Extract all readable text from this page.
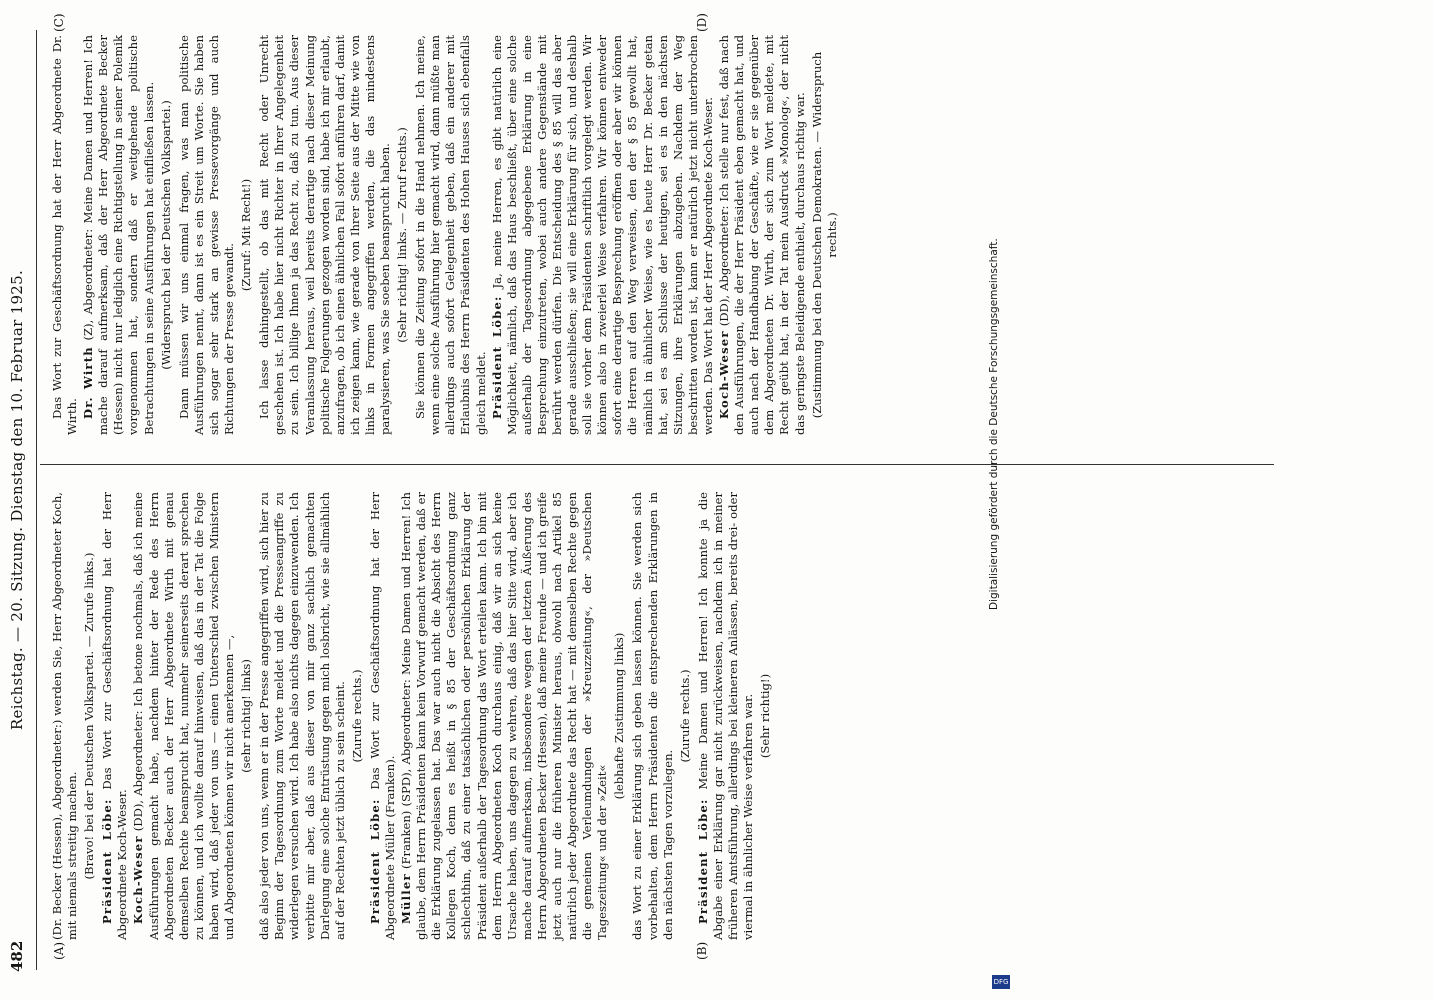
482
Reichstag. — 20. Sitzung. Dienstag den 10. Februar 1925.
(A)	(B)
(C)	(D)

(Dr. Becker (Hessen), Abgeordneter:) werden Sie, Herr Abgeordneter Koch, mit niemals streitig machen. (Bravo! bei der Deutschen Volkspartei. — Zurufe links.) Präsident Löbe: Das Wort zur Geschäftsordnung hat der Herr Abgeordnete Koch-Weser. Koch-Weser (DD), Abgeordneter: Ich betone nochmals, daß ich meine Ausführungen gemacht habe, nachdem hinter der Rede des Herrn Abgeordneten Becker auch der Herr Abgeordnete Wirth mit genau demselben Rechte beansprucht hat, nunmehr seinerseits derart sprechen zu können, und ich wollte darauf hinweisen, daß das in der Tat die Folge haben wird, daß jeder von uns — einen Unterschied zwischen Ministern und Abgeordneten können wir nicht anerkennen —, (sehr richtig! links) daß also jeder von uns, wenn er in der Presse angegriffen wird, sich hier zu Beginn der Tagesordnung zum Worte meldet und die Presseangriffe zu widerlegen versuchen wird. Ich habe also nichts dagegen einzuwenden. Ich verbitte mir aber, daß aus dieser von mir ganz sachlich gemachten Darlegung eine solche Entrüstung gegen mich losbricht, wie sie allmählich auf der Rechten jetzt üblich zu sein scheint. (Zurufe rechts.)

Präsident Löbe: Das Wort zur Geschäftsordnung hat der Herr Abgeordnete Müller (Franken). Müller (Franken) (SPD), Abgeordneter: Meine Damen und Herren! Ich glaube, dem Herrn Präsidenten kann kein Vorwurf gemacht werden, daß er die Erklärung zugelassen hat. Das war auch nicht die Absicht des Herrn Kollegen Koch, denn es heißt in § 85 der Geschäftsordnung ganz schlechthin, daß zu einer tatsächlichen oder persönlichen Erklärung der Präsident außerhalb der Tagesordnung das Wort erteilen kann. Ich bin mit dem Herrn Abgeordneten Koch durchaus einig, daß wir an sich keine Ursache haben, uns dagegen zu wehren, daß das hier Sitte wird, aber ich mache darauf aufmerksam, insbesondere wegen der letzten Äußerung des Herrn Abgeordneten Becker (Hessen), daß meine Freunde — und ich greife jetzt auch nur die früheren Minister heraus, obwohl nach Artikel 85 natürlich jeder Abgeordnete das Recht hat — mit demselben Rechte gegen die gemeinen Verleumdungen der »Kreuzzeitung«, der »Deutschen Tageszeitung« und der »Zeit«

(lebhafte Zustimmung links) das Wort zu einer Erklärung sich geben lassen können. Sie werden sich vorbehalten, dem Herrn Präsidenten die entsprechenden Erklärungen in den nächsten Tagen vorzulegen.

(Zurufe rechts.)

Präsident Löbe: Meine Damen und Herren! Ich konnte ja die Abgabe einer Erklärung gar nicht zurückweisen, nachdem ich in meiner früheren Amtsführung, allerdings bei kleineren Anlässen, bereits drei- oder viermal in ähnlicher Weise verfahren war. (Sehr richtig!)

Das Wort zur Geschäftsordnung hat der Herr Abgeordnete Dr. Wirth. Dr. Wirth (Z), Abgeordneter: Meine Damen und Herren! Ich mache darauf aufmerksam, daß der Herr Abgeordnete Becker (Hessen) nicht nur lediglich eine Richtigstellung in seiner Polemik vorgenommen hat, sondern daß er weitgehende politische Betrachtungen in seine Ausführungen hat einfließen lassen. (Widerspruch bei der Deutschen Volkspartei.) Dann müssen wir uns einmal fragen, was man politische Ausführungen nennt, dann ist es ein Streit um Worte. Sie haben sich sogar sehr stark an gewisse Pressevorgänge und auch Richtungen der Presse gewandt.

(Zuruf: Mit Recht!) Ich lasse dahingestellt, ob das mit Recht oder Unrecht geschehen ist. Ich habe hier nicht Richter in Ihrer Angelegenheit zu sein. Ich billige Ihnen ja das Recht zu, daß zu tun. Aus dieser Veranlassung heraus, weil bereits derartige nach dieser Meinung politische Folgerungen gezogen worden sind, habe ich mir erlaubt, anzufragen, ob ich einen ähnlichen Fall sofort anführen darf, damit ich zeigen kann, wie gerade von Ihrer Seite aus der Mitte wie von links in Formen angegriffen werden, die das mindestens paralysieren, was Sie soeben beansprucht haben. (Sehr richtig! links. — Zuruf rechts.) Sie können die Zeitung sofort in die Hand nehmen. Ich meine, wenn eine solche Ausführung hier gemacht wird, dann müßte man allerdings auch sofort Gelegenheit geben, daß ein anderer mit Erlaubnis des Herrn Präsidenten des Hohen Hauses sich ebenfalls gleich meldet. Präsident Löbe: Ja, meine Herren, es gibt natürlich eine Möglichkeit, nämlich, daß das Haus beschließt, über eine solche außerhalb der Tagesordnung abgegebene Erklärung in eine Besprechung einzutreten, wobei auch andere Gegenstände mit berührt werden dürfen. Die Entscheidung des § 85 will das aber gerade ausschließen; sie will eine Erklärung für sich, und deshalb soll sie vorher dem Präsidenten schriftlich vorgelegt werden. Wir können also in zweierlei Weise verfahren. Wir können entweder sofort eine derartige Besprechung eröffnen oder aber wir können die Herren auf den Weg verweisen, den der § 85 gewollt hat, nämlich in ähnlicher Weise, wie es heute Herr Dr. Becker getan hat, sei es am Schlusse der heutigen, sei es in den nächsten Sitzungen, ihre Erklärungen abzugeben. Nachdem der Weg beschritten worden ist, kann er natürlich jetzt nicht unterbrochen werden. Das Wort hat der Herr Abgeordnete Koch-Weser. Koch-Weser (DD), Abgeordneter: Ich stelle nur fest, daß nach den Ausführungen, die der Herr Präsident eben gemacht hat, und auch nach der Handhabung der Geschäfte, wie er sie gegenüber dem Abgeordneten Dr. Wirth, der sich zum Wort meldete, mit Recht geübt hat, in der Tat mein Ausdruck »Monolog«, der nicht das geringste Beleidigende enthielt, durchaus richtig war. (Zustimmung bei den Deutschen Demokraten. — Widerspruch rechts.)

Digitalisierung gefördert durch die Deutsche Forschungsgemeinschaft.
DFG
